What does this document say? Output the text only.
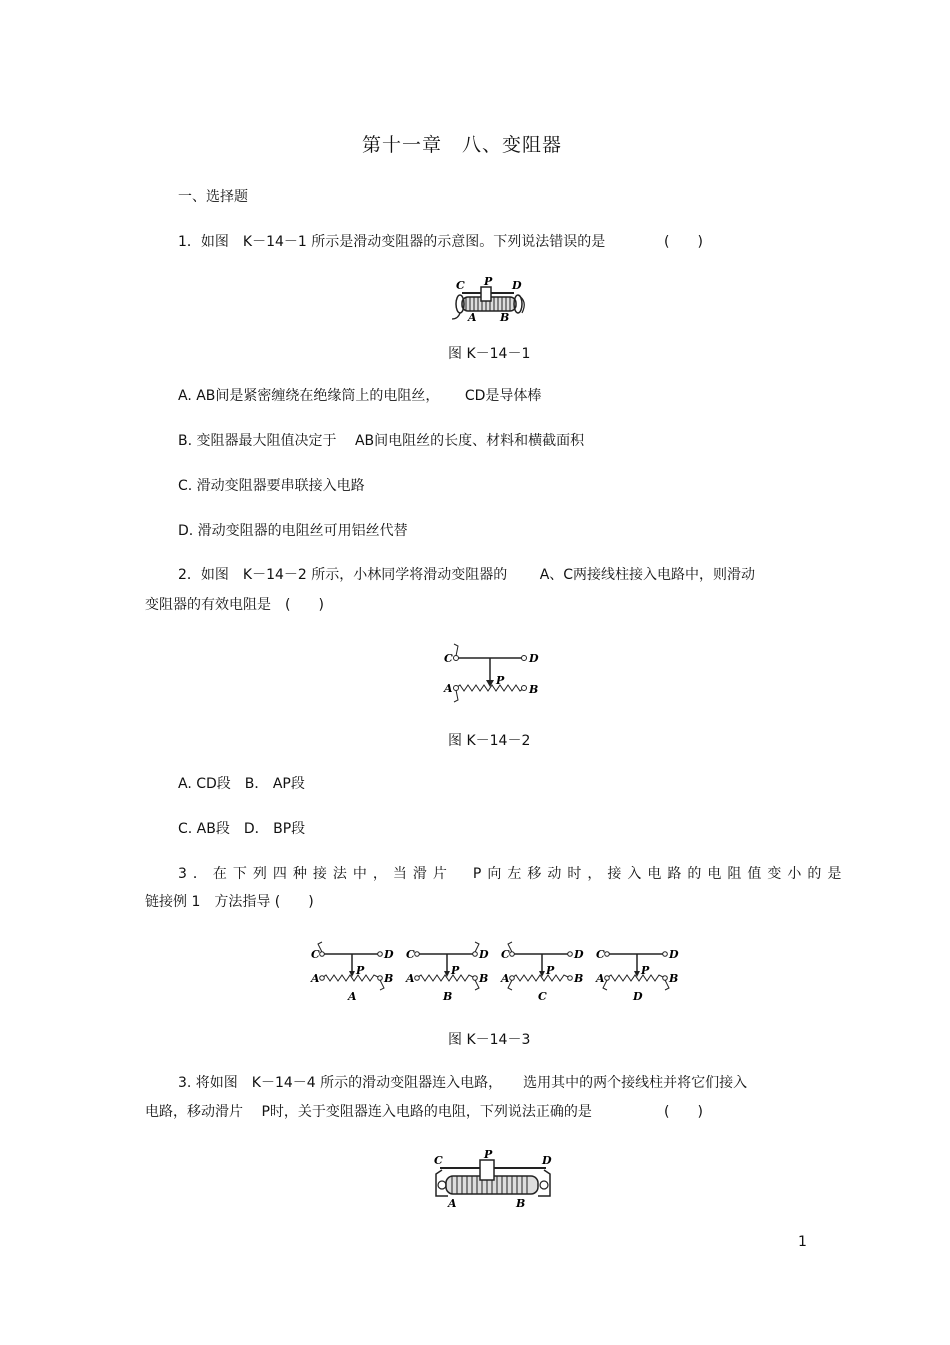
第十一章　八、变阻器
一、选择题
1．如图　K－14－1 所示是滑动变阻器的示意图。下列说法错误的是	(　　)
C P D
A B
图 K－14－1
A. AB间是紧密缠绕在绝缘筒上的电阻丝，　　 CD是导体棒
B. 变阻器最大阻值决定于　 AB间电阻丝的长度、材料和横截面积
C. 滑动变阻器要串联接入电路
D. 滑动变阻器的电阻丝可用铝丝代替
2．如图　K－14－2 所示，小林同学将滑动变阻器的　　 A、C两接线柱接入电路中，则滑动
变阻器的有效电阻是　(　　)
C	D
A
P
B
图 K－14－2
A. CD段　B． AP段
C. AB段　D． BP段
3．在下列四种接法中，当滑片　P向左移动时，接入电路的电阻值变小的是
链接例 1　方法指导 (　　)
C	D
A
P
B
A
C	D
A
P
B
B
C	D
A
P
B
C
C	D
A
P
B
D
图 K－14－3
3. 将如图　K－14－4 所示的滑动变阻器连入电路，　　选用其中的两个接线柱并将它们接入
电路，移动滑片　 P时，关于变阻器连入电路的电阻，下列说法正确的是	(　　)
C	P	D
A	B
1
